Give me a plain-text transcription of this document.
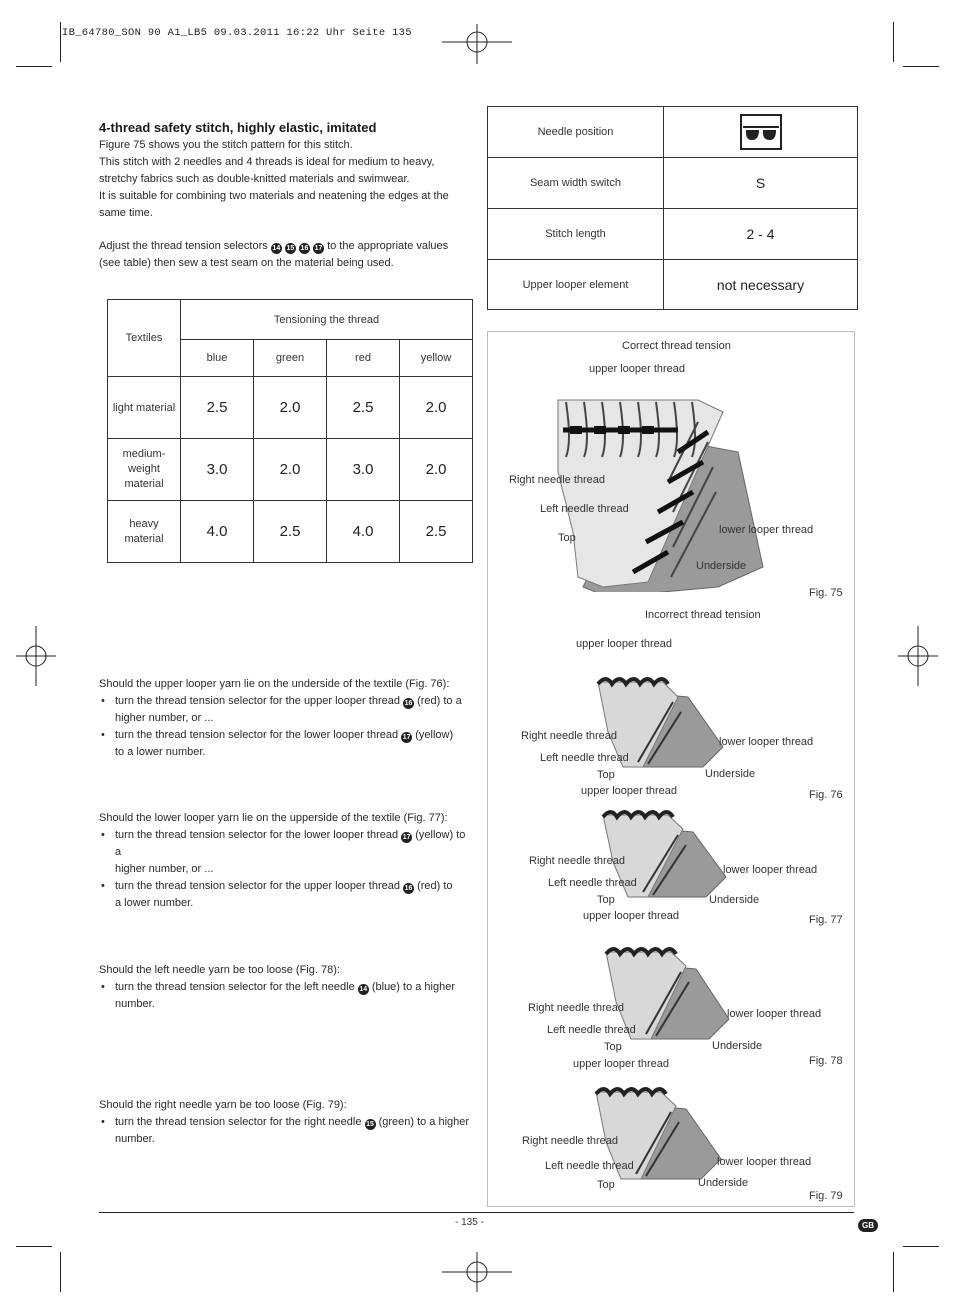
IB_64780_SON 90 A1_LB5 09.03.2011 16:22 Uhr Seite 135
4-thread safety stitch, highly elastic, imitated

Figure 75 shows you the stitch pattern for this stitch.

This stitch with 2 needles and 4 threads is ideal for medium to heavy,

stretchy fabrics such as double-knitted materials and swimwear.

It is suitable for combining two materials and neatening the edges at the

same time.

Adjust the thread tension selectors 14 15 16 17 to the appropriate values
(see table) then sew a test seam on the material being used.
Textiles	Tensioning the thread			
	blue	green	red	yellow
light material	2.5	2.0	2.5	2.0

medium-
weight
material	3.0	2.0	3.0	2.0

heavy
material	4.0	2.5	4.0	2.5
Should the upper looper yarn lie on the underside of the textile (Fig. 76):
• turn the thread tension selector for the upper looper thread 16 (red) to a
higher number, or ...
• turn the thread tension selector for the lower looper thread 17 (yellow)
to a lower number.
Should the lower looper yarn lie on the upperside of the textile (Fig. 77):
• turn the thread tension selector for the lower looper thread 17 (yellow) to a
higher number, or ...
• turn the thread tension selector for the upper looper thread 16 (red) to
a lower number.
Should the left needle yarn be too loose (Fig. 78):
• turn the thread tension selector for the left needle 14 (blue) to a higher
number.
Should the right needle yarn be too loose (Fig. 79):
• turn the thread tension selector for the right needle 15 (green) to a higher
number.
Needle position	
Seam width switch	S
Stitch length	2 - 4
Upper looper element	not necessary
Correct thread tension
upper looper thread
Right needle thread
Left needle thread
Top
lower looper thread
Underside
Fig. 75
Incorrect thread tension
upper looper thread
Right needle thread
Left needle thread
Top
lower looper thread
Underside
Fig. 76
upper looper thread
Right needle thread
Left needle thread
Top
lower looper thread
Underside
Fig. 77
upper looper thread
Right needle thread
Left needle thread
Top
lower looper thread
Underside
Fig. 78
upper looper thread
Right needle thread
Left needle thread
Top
lower looper thread
Underside
Fig. 79
- 135 -	GB
